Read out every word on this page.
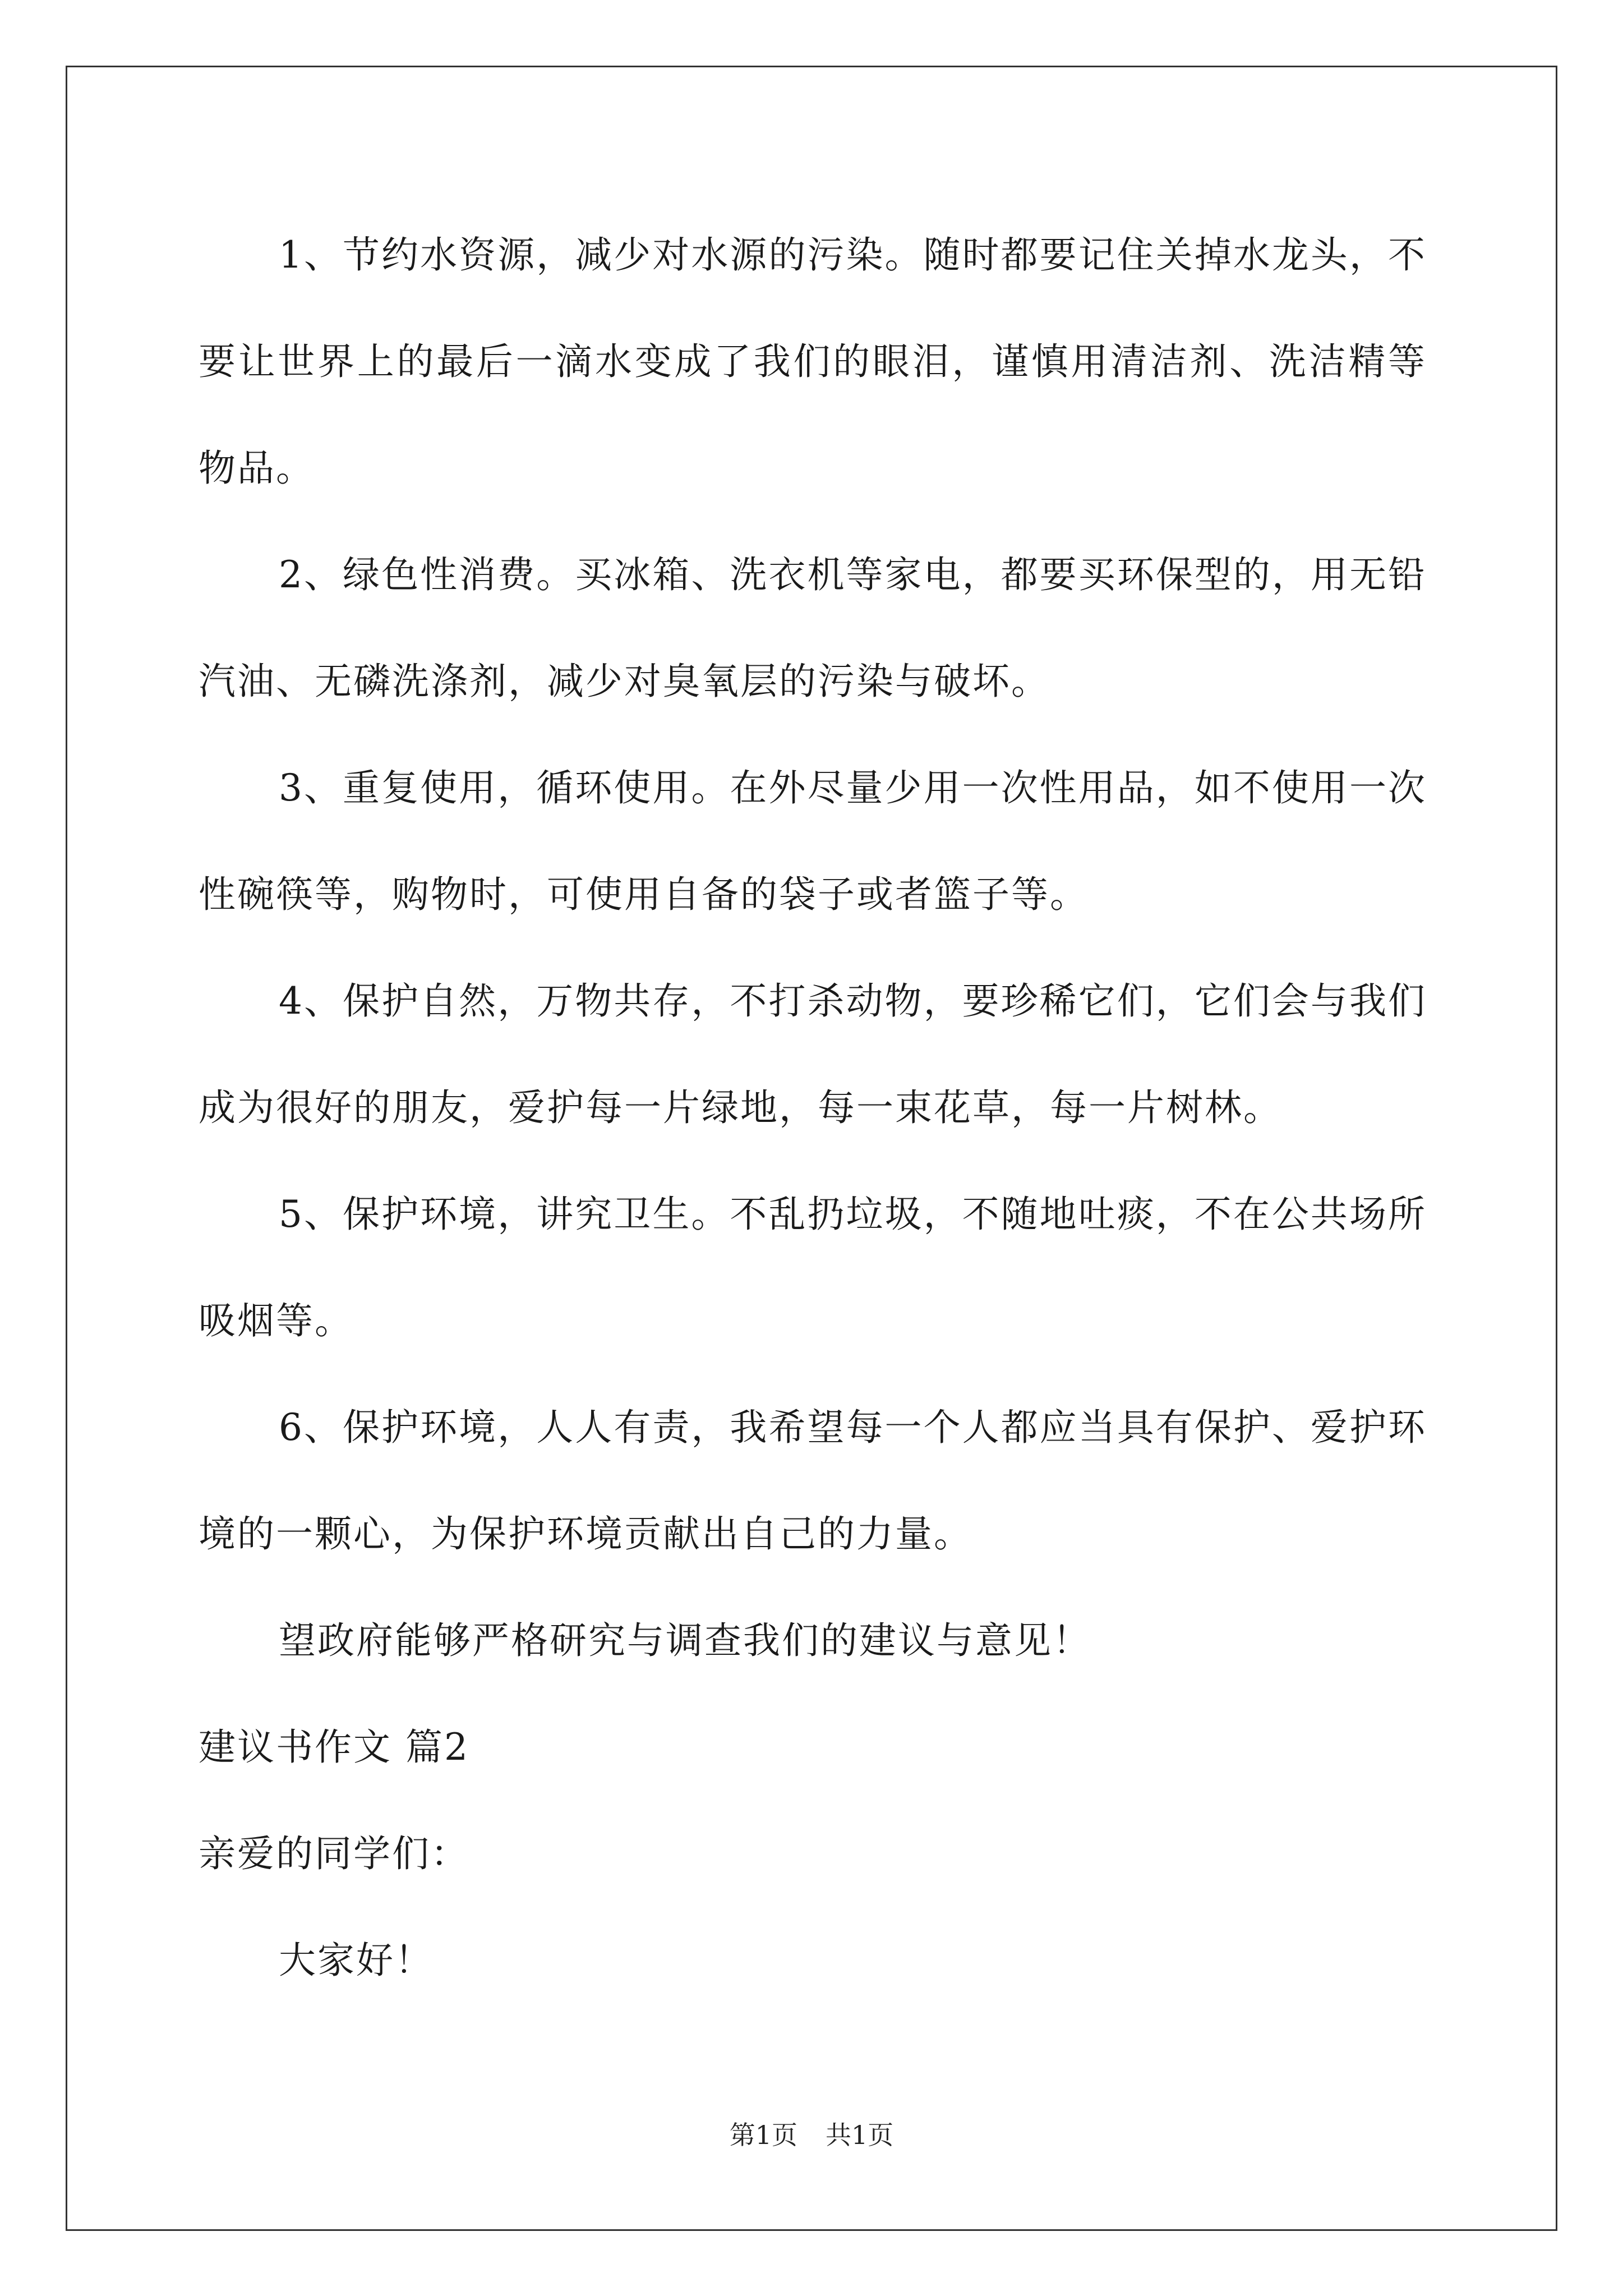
1、节约水资源，减少对水源的污染。随时都要记住关掉水龙头，不要让世界上的最后一滴水变成了我们的眼泪，谨慎用清洁剂、洗洁精等物品。

2、绿色性消费。买冰箱、洗衣机等家电，都要买环保型的，用无铅汽油、无磷洗涤剂，减少对臭氧层的污染与破坏。

3、重复使用，循环使用。在外尽量少用一次性用品，如不使用一次性碗筷等，购物时，可使用自备的袋子或者篮子等。

4、保护自然，万物共存，不打杀动物，要珍稀它们，它们会与我们成为很好的朋友，爱护每一片绿地，每一束花草，每一片树林。

5、保护环境，讲究卫生。不乱扔垃圾，不随地吐痰，不在公共场所吸烟等。

6、保护环境，人人有责，我希望每一个人都应当具有保护、爱护环境的一颗心，为保护环境贡献出自己的力量。

望政府能够严格研究与调查我们的建议与意见！

建议书作文 篇2

亲爱的同学们：

大家好！

第1页 共1页
